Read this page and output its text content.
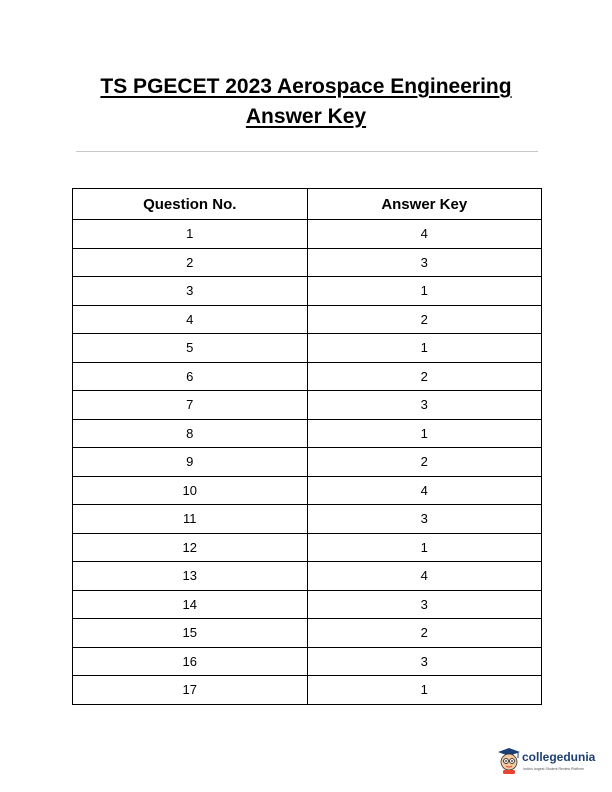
TS PGECET 2023 Aerospace Engineering
Answer Key
Question No.	Answer Key
1	4
2	3
3	1
4	2
5	1
6	2
7	3
8	1
9	2
10	4
11	3
12	1
13	4
14	3
15	2
16	3
17	1
collegedunia
India's largest Student Review Platform
